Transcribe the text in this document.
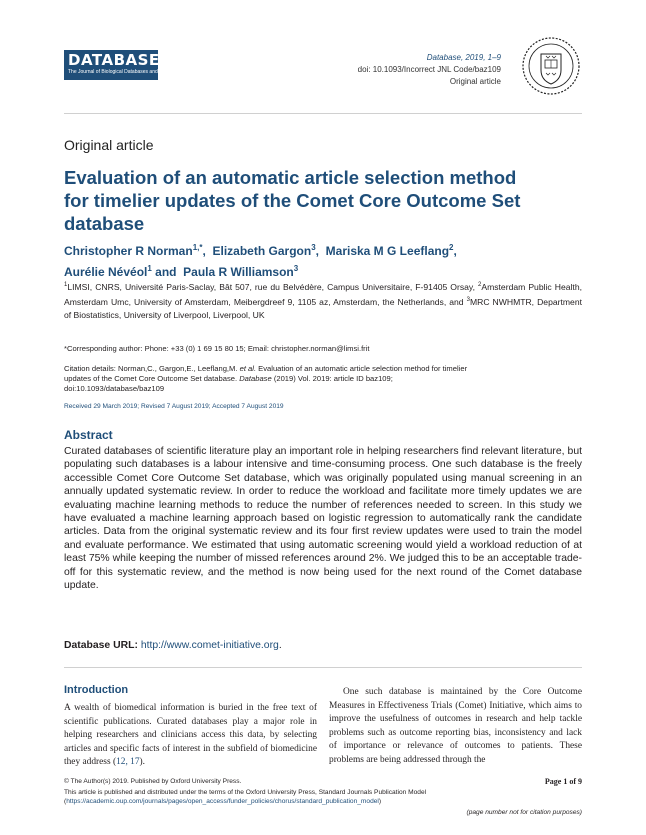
DATABASE
The Journal of Biological Databases and Curation
Database, 2019, 1–9
doi: 10.1093/Incorrect JNL Code/baz109
Original article
Original article
Evaluation of an automatic article selection method for timelier updates of the Comet Core Outcome Set database
Christopher R Norman$^{1,*}$,  Elizabeth Gargon$^3$,  Mariska M G Leeflang$^2$,
Aurélie Névéol$^1$ and  Paula R Williamson$^3$
$^1$LIMSI, CNRS, Université Paris-Saclay, Bât 507, rue du Belvédère, Campus Universitaire, F-91405 Orsay, $^2$Amsterdam Public Health, Amsterdam Umc, University of Amsterdam, Meibergdreef 9, 1105 az, Amsterdam, the Netherlands, and $^3$MRC NWHMTR, Department of Biostatistics, University of Liverpool, Liverpool, UK
*Corresponding author: Phone: +33 (0) 1 69 15 80 15; Email: christopher.norman@limsi.frit
Citation details: Norman,C., Gargon,E., Leeflang,M. et al. Evaluation of an automatic article selection method for timelier updates of the Comet Core Outcome Set database. Database (2019) Vol. 2019: article ID baz109; doi:10.1093/database/baz109
Received 29 March 2019; Revised 7 August 2019; Accepted 7 August 2019
Abstract

Curated databases of scientific literature play an important role in helping researchers find relevant literature, but populating such databases is a labour intensive and time-consuming process. One such database is the freely accessible Comet Core Outcome Set database, which was originally populated using manual screening in an annually updated systematic review. In order to reduce the workload and facilitate more timely updates we are evaluating machine learning methods to reduce the number of references needed to screen. In this study we have evaluated a machine learning approach based on logistic regression to automatically rank the candidate articles. Data from the original systematic review and its four first review updates were used to train the model and evaluate performance. We estimated that using automatic screening would yield a workload reduction of at least 75% while keeping the number of missed references around 2%. We judged this to be an acceptable trade-off for this systematic review, and the method is now being used for the next round of the Comet database update.

Database URL: http://www.comet-initiative.org.
Introduction

A wealth of biomedical information is buried in the free text of scientific publications. Curated databases play a major role in helping researchers and clinicians access this data, by selecting articles and specific facts of interest in the subfield of biomedicine they address (12, 17).

One such database is maintained by the Core Outcome Measures in Effectiveness Trials (Comet) Initiative, which aims to improve the usefulness of outcomes in research and help tackle problems such as outcome reporting bias, inconsistency and lack of importance or relevance of outcomes to patients. These problems are being addressed through the

© The Author(s) 2019. Published by Oxford University Press.	Page 1 of 9
This article is published and distributed under the terms of the Oxford University Press, Standard Journals Publication Model (https://academic.oup.com/journals/pages/open_access/funder_policies/chorus/standard_publication_model)
(page number not for citation purposes)
